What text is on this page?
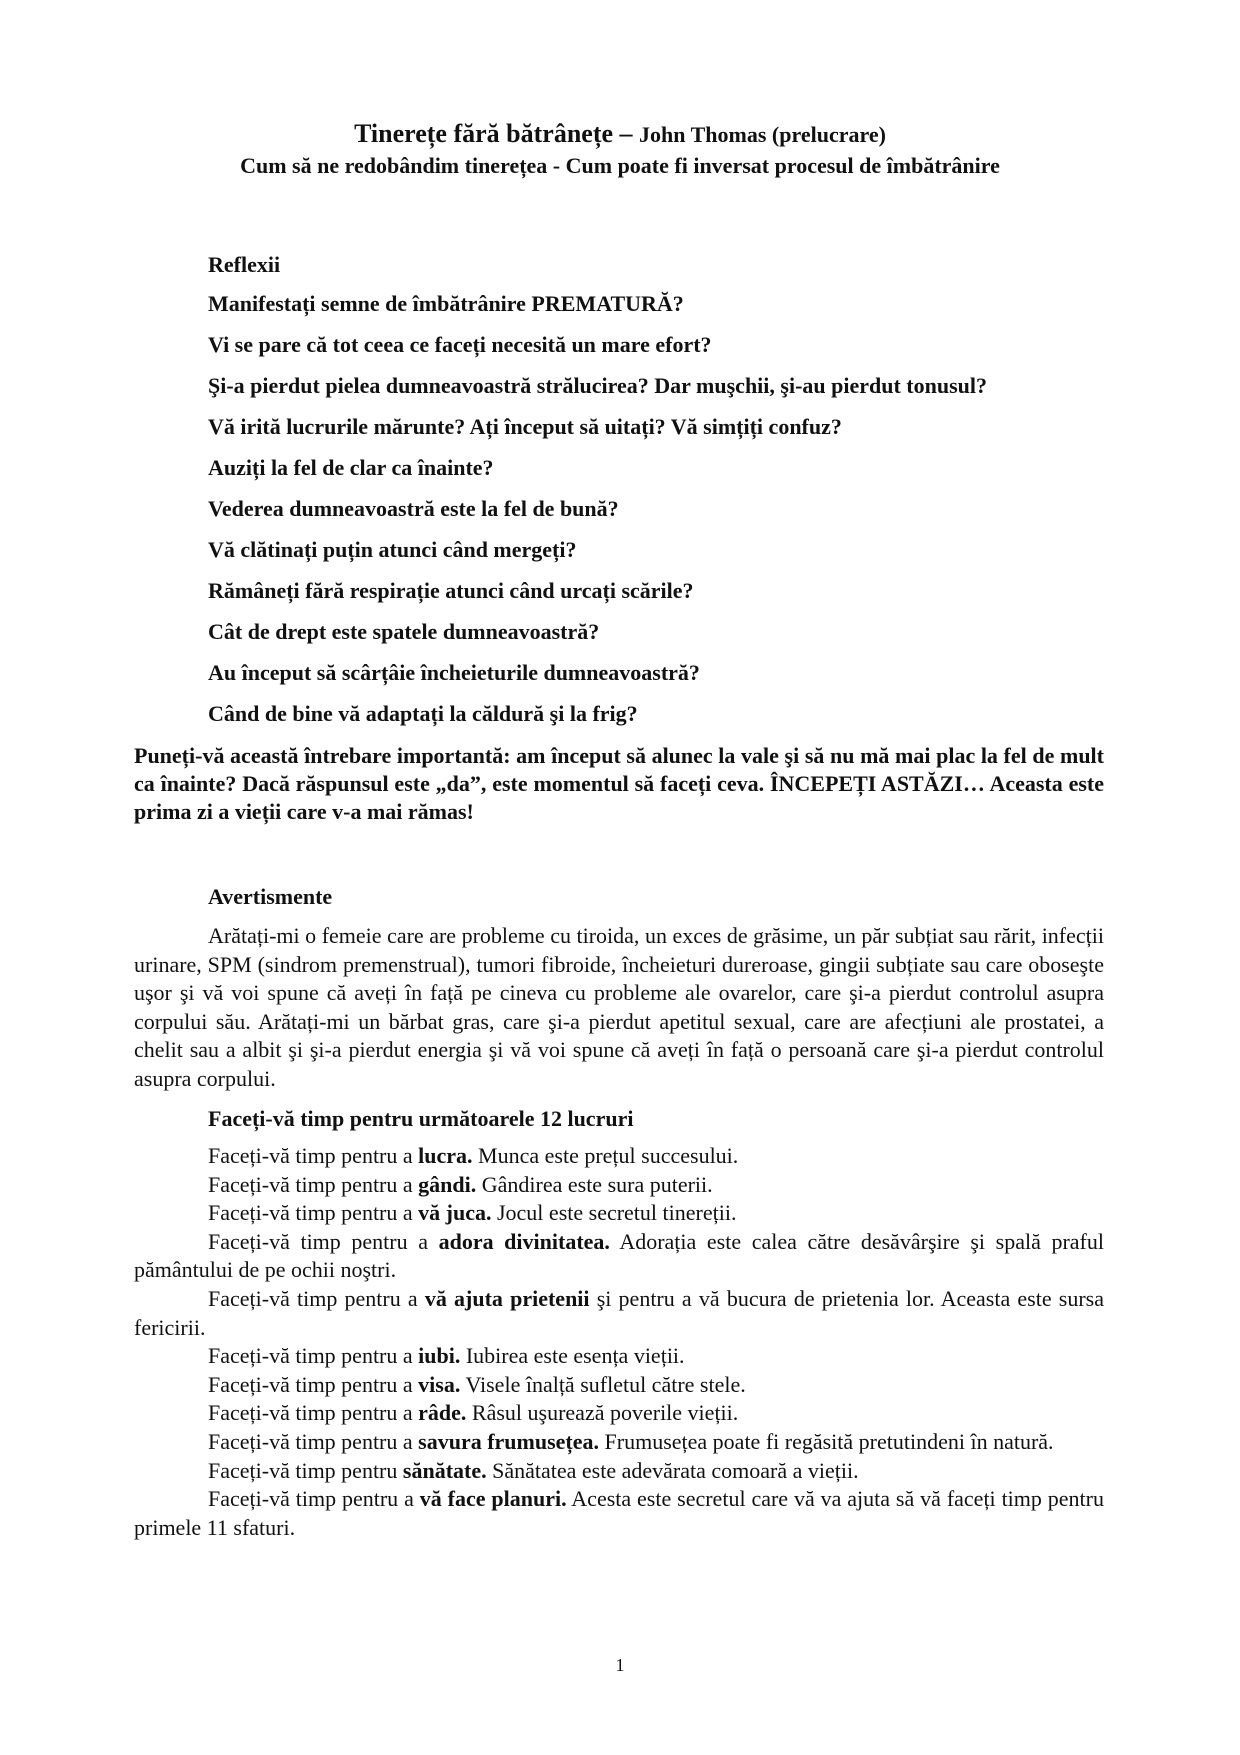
Tinerețe fără bătrânețe – John Thomas (prelucrare)

Cum să ne redobândim tinerețea - Cum poate fi inversat procesul de îmbătrânire

Reflexii

Manifestați semne de îmbătrânire PREMATURĂ?

Vi se pare că tot ceea ce faceți necesită un mare efort?

Şi-a pierdut pielea dumneavoastră strălucirea? Dar muşchii, şi-au pierdut tonusul?

Vă irită lucrurile mărunte? Ați început să uitați? Vă simțiți confuz?

Auziți la fel de clar ca înainte?

Vederea dumneavoastră este la fel de bună?

Vă clătinați puțin atunci când mergeți?

Rămâneți fără respirație atunci când urcați scările?

Cât de drept este spatele dumneavoastră?

Au început să scârțâie încheieturile dumneavoastră?

Când de bine vă adaptați la căldură şi la frig?

Puneți-vă această întrebare importantă: am început să alunec la vale şi să nu mă mai plac la fel de mult ca înainte? Dacă răspunsul este „da”, este momentul să faceți ceva. ÎNCEPEȚI ASTĂZI… Aceasta este prima zi a vieții care v-a mai rămas!

Avertismente

Arătați-mi o femeie care are probleme cu tiroida, un exces de grăsime, un păr subțiat sau rărit, infecții urinare, SPM (sindrom premenstrual), tumori fibroide, încheieturi dureroase, gingii subțiate sau care oboseşte uşor şi vă voi spune că aveți în față pe cineva cu probleme ale ovarelor, care şi-a pierdut controlul asupra corpului său. Arătați-mi un bărbat gras, care şi-a pierdut apetitul sexual, care are afecțiuni ale prostatei, a chelit sau a albit şi şi-a pierdut energia şi vă voi spune că aveți în față o persoană care şi-a pierdut controlul asupra corpului.

Faceți-vă timp pentru următoarele 12 lucruri

Faceți-vă timp pentru a lucra. Munca este prețul succesului.

Faceți-vă timp pentru a gândi. Gândirea este sura puterii.

Faceți-vă timp pentru a vă juca. Jocul este secretul tinereții.

Faceți-vă timp pentru a adora divinitatea. Adorația este calea către desăvârşire şi spală praful pământului de pe ochii noştri.

Faceți-vă timp pentru a vă ajuta prietenii şi pentru a vă bucura de prietenia lor. Aceasta este sursa fericirii.

Faceți-vă timp pentru a iubi. Iubirea este esența vieții.

Faceți-vă timp pentru a visa. Visele înalță sufletul către stele.

Faceți-vă timp pentru a râde. Râsul uşurează poverile vieții.

Faceți-vă timp pentru a savura frumusețea. Frumusețea poate fi regăsită pretutindeni în natură.

Faceți-vă timp pentru sănătate. Sănătatea este adevărata comoară a vieții.

Faceți-vă timp pentru a vă face planuri. Acesta este secretul care vă va ajuta să vă faceți timp pentru primele 11 sfaturi.

1
